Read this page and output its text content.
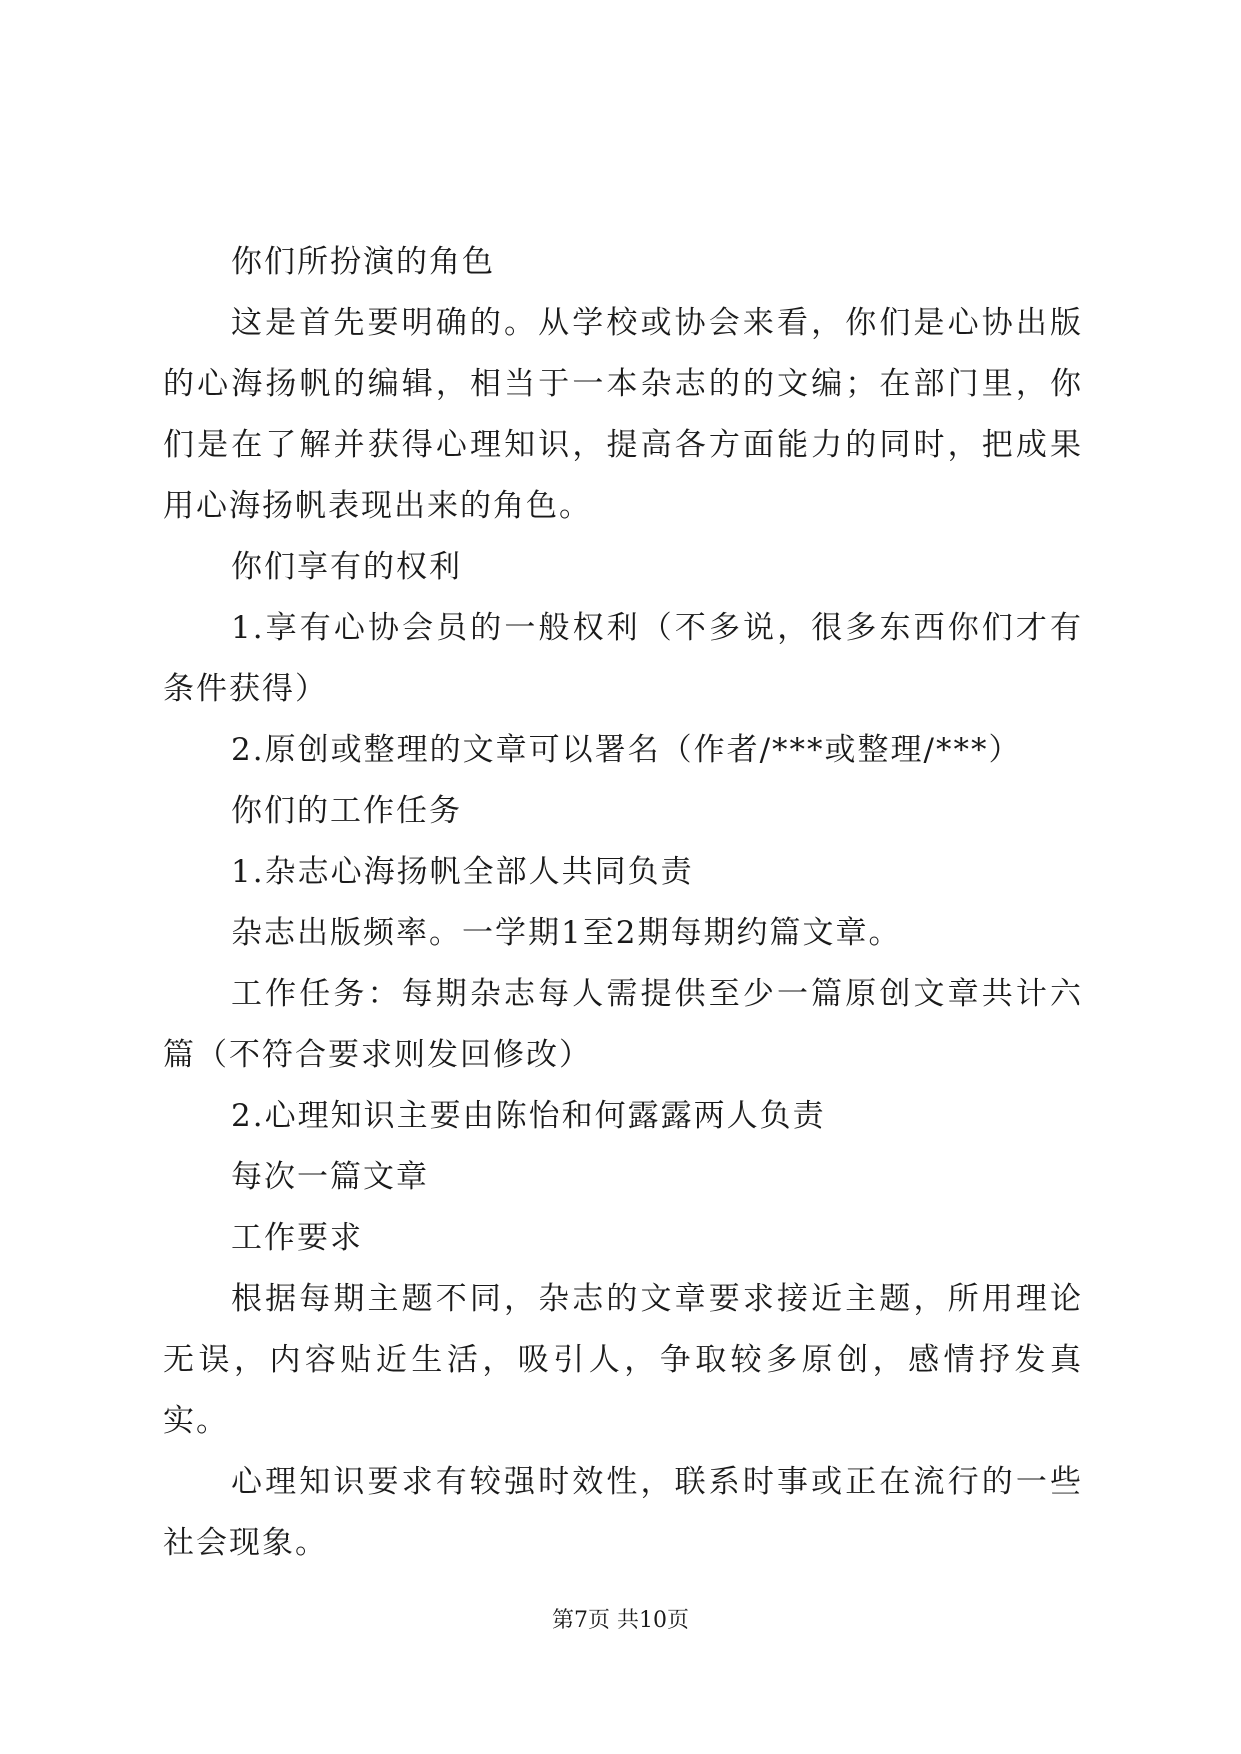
你们所扮演的角色

这是首先要明确的。从学校或协会来看，你们是心协出版的心海扬帆的编辑，相当于一本杂志的的文编；在部门里，你们是在了解并获得心理知识，提高各方面能力的同时，把成果用心海扬帆表现出来的角色。

你们享有的权利

1.享有心协会员的一般权利（不多说，很多东西你们才有条件获得）

2.原创或整理的文章可以署名（作者/***或整理/***）

你们的工作任务

1.杂志心海扬帆全部人共同负责

杂志出版频率。一学期1至2期每期约篇文章。

工作任务：每期杂志每人需提供至少一篇原创文章共计六篇（不符合要求则发回修改）

2.心理知识主要由陈怡和何露露两人负责

每次一篇文章

工作要求

根据每期主题不同，杂志的文章要求接近主题，所用理论无误，内容贴近生活，吸引人，争取较多原创，感情抒发真实。

心理知识要求有较强时效性，联系时事或正在流行的一些社会现象。

第7页 共10页
